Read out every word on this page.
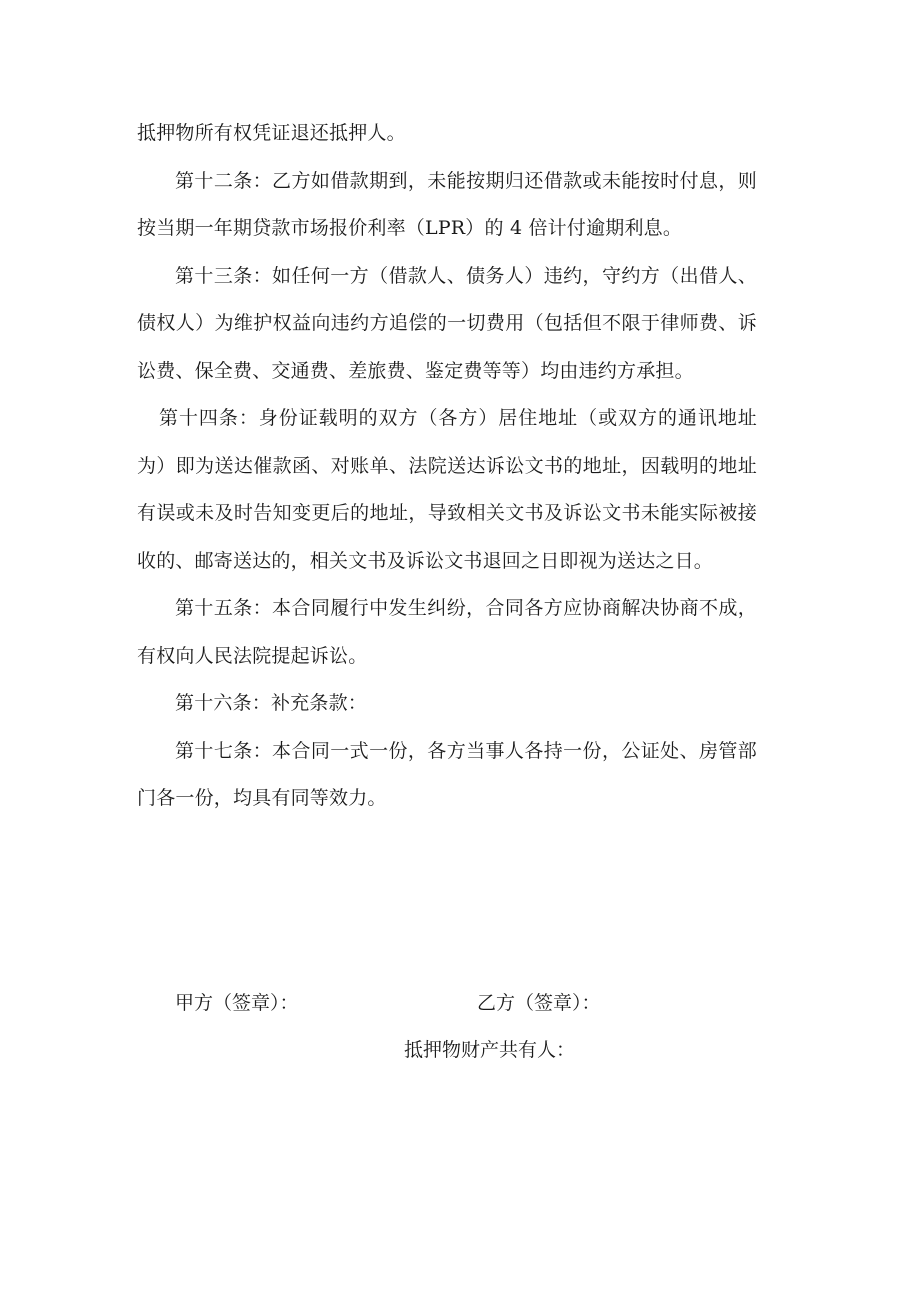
抵押物所有权凭证退还抵押人。

第十二条：乙方如借款期到，未能按期归还借款或未能按时付息，则按当期一年期贷款市场报价利率（LPR）的 4 倍计付逾期利息。

第十三条：如任何一方（借款人、债务人）违约，守约方（出借人、债权人）为维护权益向违约方追偿的一切费用（包括但不限于律师费、诉讼费、保全费、交通费、差旅费、鉴定费等等）均由违约方承担。

第十四条：身份证载明的双方（各方）居住地址（或双方的通讯地址为）即为送达催款函、对账单、法院送达诉讼文书的地址，因载明的地址有误或未及时告知变更后的地址，导致相关文书及诉讼文书未能实际被接收的、邮寄送达的，相关文书及诉讼文书退回之日即视为送达之日。

第十五条：本合同履行中发生纠纷，合同各方应协商解决协商不成，有权向人民法院提起诉讼。

第十六条：补充条款：

第十七条：本合同一式一份，各方当事人各持一份，公证处、房管部门各一份，均具有同等效力。

甲方（签章）：	乙方（签章）：
抵押物财产共有人：
